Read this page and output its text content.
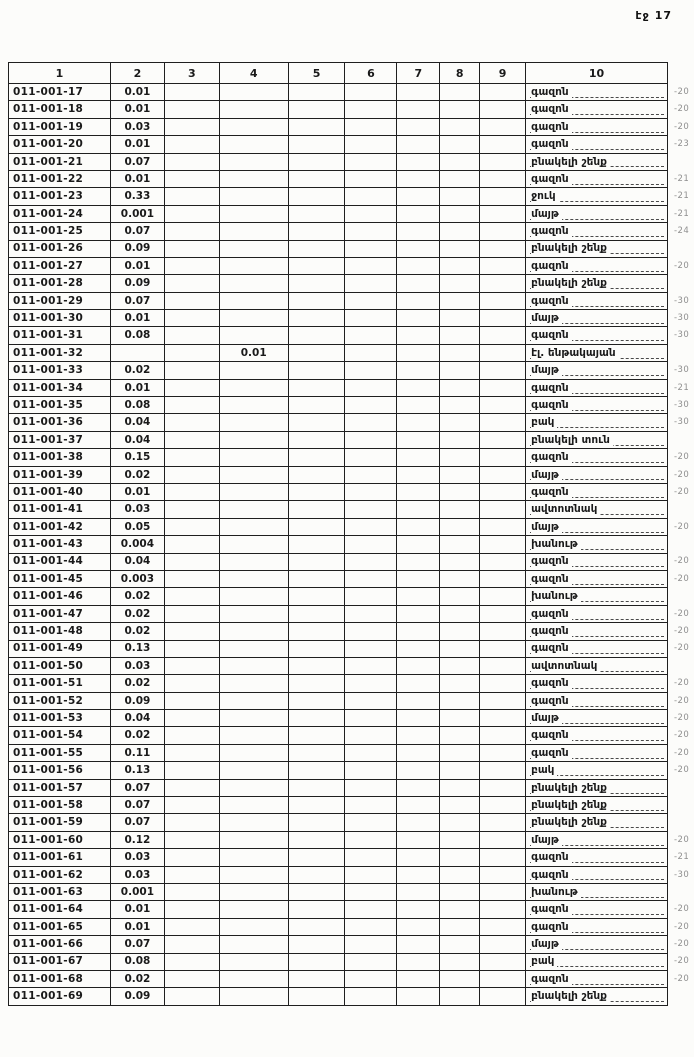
էջ 17
1	2	3	4	5	6	7	8	9	10	
011-001-17	0.01								գազոն	-20
011-001-18	0.01								գազոն	-20
011-001-19	0.03								գազոն	-20
011-001-20	0.01								գազոն	-23
011-001-21	0.07								բնակելի շենք

011-001-22	0.01								գազոն	-21
011-001-23	0.33								ջուկ	-21
011-001-24	0.001								մայթ	-21
011-001-25	0.07								գազոն	-24
011-001-26	0.09								բնակելի շենք

011-001-27	0.01								գազոն	-20
011-001-28	0.09								բնակելի շենք

011-001-29	0.07								գազոն	-30
011-001-30	0.01								մայթ	-30
011-001-31	0.08								գազոն	-30
011-001-32			0.01						էլ. ենթակայան

011-001-33	0.02								մայթ	-30
011-001-34	0.01								գազոն	-21
011-001-35	0.08								գազոն	-30
011-001-36	0.04								բակ	-30
011-001-37	0.04								բնակելի տուն

011-001-38	0.15								գազոն	-20
011-001-39	0.02								մայթ	-20
011-001-40	0.01								գազոն	-20
011-001-41	0.03								ավտոտնակ

011-001-42	0.05								մայթ	-20
011-001-43	0.004								խանութ

011-001-44	0.04								գազոն	-20
011-001-45	0.003								գազոն	-20
011-001-46	0.02								խանութ

011-001-47	0.02								գազոն	-20
011-001-48	0.02								գազոն	-20
011-001-49	0.13								գազոն	-20
011-001-50	0.03								ավտոտնակ

011-001-51	0.02								գազոն	-20
011-001-52	0.09								գազոն	-20
011-001-53	0.04								մայթ	-20
011-001-54	0.02								գազոն	-20
011-001-55	0.11								գազոն	-20
011-001-56	0.13								բակ	-20
011-001-57	0.07								բնակելի շենք

011-001-58	0.07								բնակելի շենք

011-001-59	0.07								բնակելի շենք

011-001-60	0.12								մայթ	-20
011-001-61	0.03								գազոն	-21
011-001-62	0.03								գազոն	-30
011-001-63	0.001								խանութ

011-001-64	0.01								գազոն	-20
011-001-65	0.01								գազոն	-20
011-001-66	0.07								մայթ	-20
011-001-67	0.08								բակ	-20
011-001-68	0.02								գազոն	-20
011-001-69	0.09								բնակելի շենք
